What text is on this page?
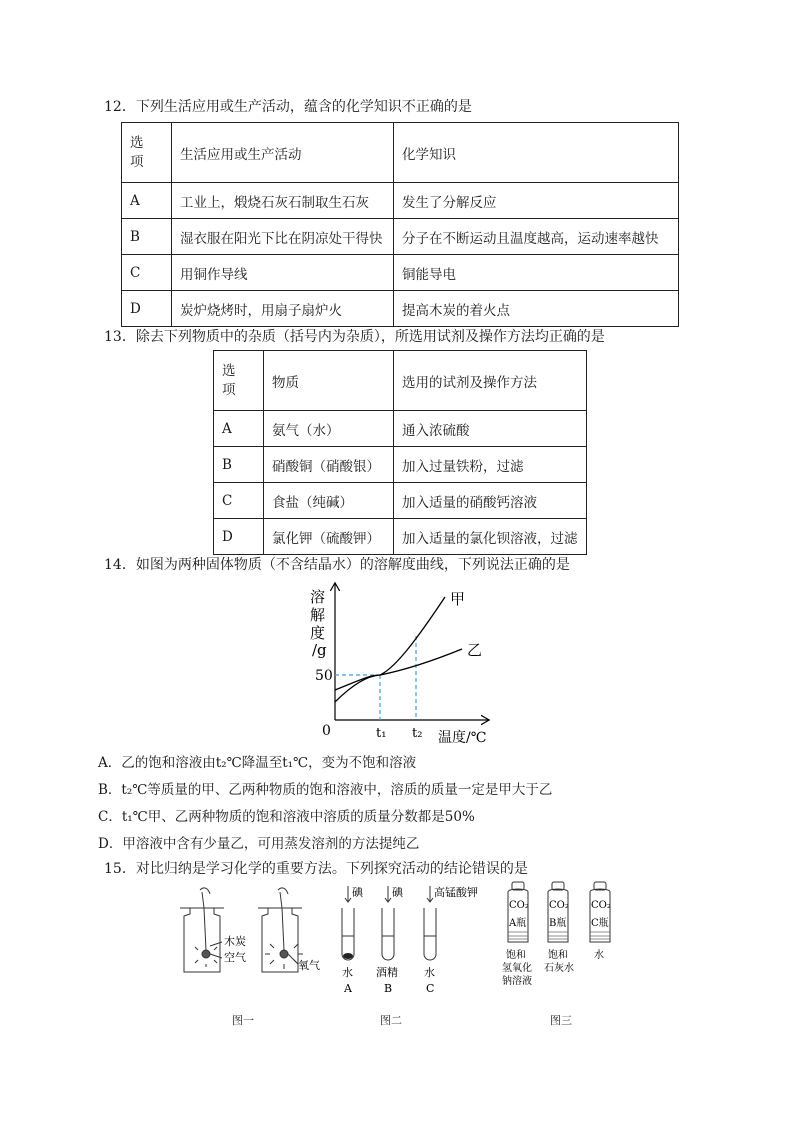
12．下列生活应用或生产活动，蕴含的化学知识不正确的是
选
项	生活应用或生产活动	化学知识
A	工业上，煅烧石灰石制取生石灰	发生了分解反应
B	湿衣服在阳光下比在阴凉处干得快	分子在不断运动且温度越高，运动速率越快
C	用铜作导线	铜能导电
D	炭炉烧烤时，用扇子扇炉火	提高木炭的着火点
13．除去下列物质中的杂质（括号内为杂质），所选用试剂及操作方法均正确的是
选
项	物质	选用的试剂及操作方法
A	氨气（水）	通入浓硫酸
B	硝酸铜（硝酸银）	加入过量铁粉，过滤
C	食盐（纯碱）	加入适量的硝酸钙溶液
D	氯化钾（硫酸钾）	加入适量的氯化钡溶液，过滤
14．如图为两种固体物质（不含结晶水）的溶解度曲线，下列说法正确的是
溶
解
度
/g
50
0	t₁ t₂ 温度/℃
甲
乙
A．乙的饱和溶液由t₂℃降温至t₁℃，变为不饱和溶液
B．t₂℃等质量的甲、乙两种物质的饱和溶液中，溶质的质量一定是甲大于乙
C．t₁℃甲、乙两种物质的饱和溶液中溶质的质量分数都是50%
D．甲溶液中含有少量乙，可用蒸发溶剂的方法提纯乙
15．对比归纳是学习化学的重要方法。下列探究活动的结论错误的是
木炭
空气
氧气
图一
碘	碘	高锰酸钾
水 酒精 水
A	B	C
图二
CO₂ CO₂ CO₂
A瓶 B瓶 C瓶
饱和
氢氧化
钠溶液
饱和
石灰水
水
图三
